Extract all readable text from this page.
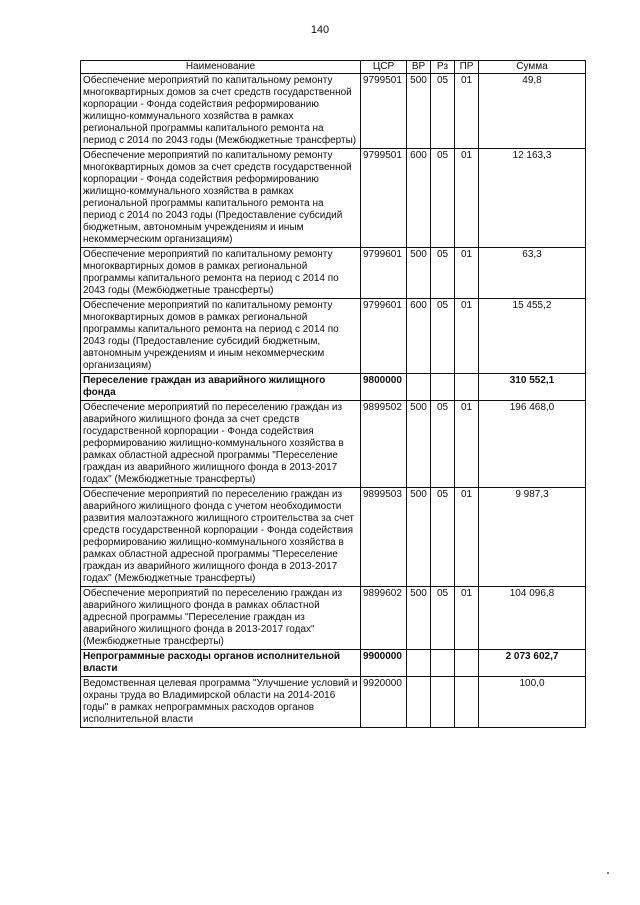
140
Наименование	ЦСР	ВР	Рз	ПР	Сумма
Обеспечение мероприятий по капитальному ремонту многоквартирных домов за счет средств государственной корпорации - Фонда содействия реформированию жилищно-коммунального хозяйства в рамках региональной программы капитального ремонта на период с 2014 по 2043 годы (Межбюджетные трансферты)	9799501	500	05	01	49,8
Обеспечение мероприятий по капитальному ремонту многоквартирных домов за счет средств государственной корпорации - Фонда содействия реформированию жилищно-коммунального хозяйства в рамках региональной программы капитального ремонта на период с 2014 по 2043 годы (Предоставление субсидий бюджетным, автономным учреждениям и иным некоммерческим организациям)	9799501	600	05	01	12 163,3
Обеспечение мероприятий по капитальному ремонту многоквартирных домов в рамках региональной программы капитального ремонта на период с 2014 по 2043 годы (Межбюджетные трансферты)	9799601	500	05	01	63,3
Обеспечение мероприятий по капитальному ремонту многоквартирных домов в рамках региональной программы капитального ремонта на период с 2014 по 2043 годы (Предоставление субсидий бюджетным, автономным учреждениям и иным некоммерческим организациям)	9799601	600	05	01	15 455,2
Переселение граждан из аварийного жилищного фонда	9800000				310 552,1
Обеспечение мероприятий по переселению граждан из аварийного жилищного фонда за счет средств государственной корпорации - Фонда содействия реформированию жилищно-коммунального хозяйства в рамках областной адресной программы "Переселение граждан из аварийного жилищного фонда в 2013-2017 годах" (Межбюджетные трансферты)	9899502	500	05	01	196 468,0
Обеспечение мероприятий по переселению граждан из аварийного жилищного фонда с учетом необходимости развития малоэтажного жилищного строительства за счет средств государственной корпорации - Фонда содействия реформированию жилищно-коммунального хозяйства в рамках областной адресной программы "Переселение граждан из аварийного жилищного фонда в 2013-2017 годах" (Межбюджетные трансферты)	9899503	500	05	01	9 987,3
Обеспечение мероприятий по переселению граждан из аварийного жилищного фонда в рамках областной адресной программы "Переселение граждан из аварийного жилищного фонда в 2013-2017 годах" (Межбюджетные трансферты)	9899602	500	05	01	104 096,8
Непрограммные расходы органов исполнительной власти	9900000				2 073 602,7
Ведомственная целевая программа "Улучшение условий и охраны труда во Владимирской области на 2014-2016 годы" в рамках непрограммных расходов органов исполнительной власти	9920000				100,0
